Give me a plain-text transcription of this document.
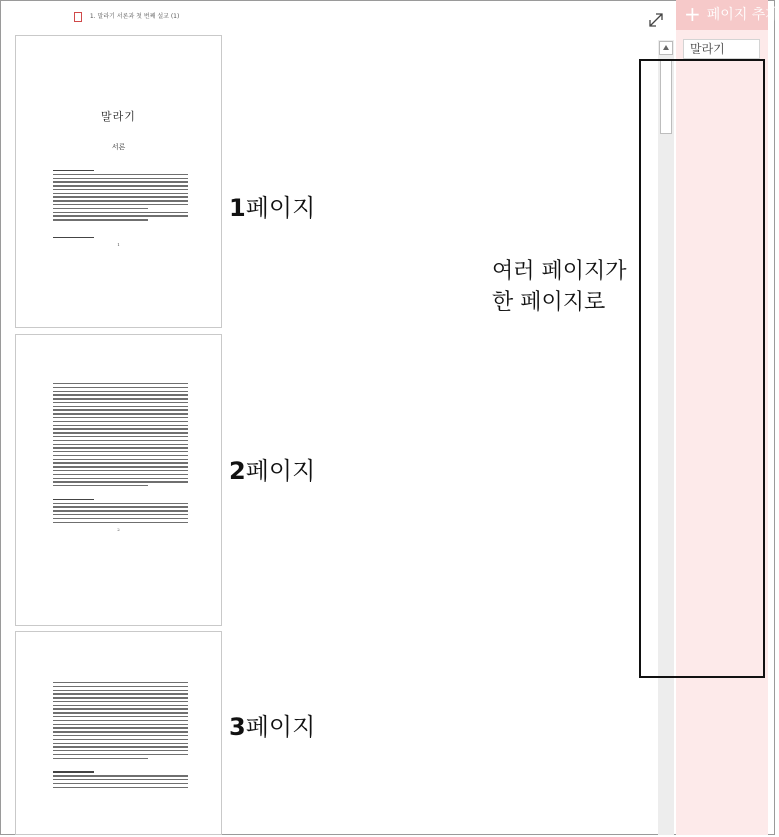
1. 말라기 서론과 첫 번째 설교 (1)
말라기
서론
1
2
1페이지
2페이지
3페이지
여러 페이지가
한 페이지로
+ 페이지 추가
말라기
